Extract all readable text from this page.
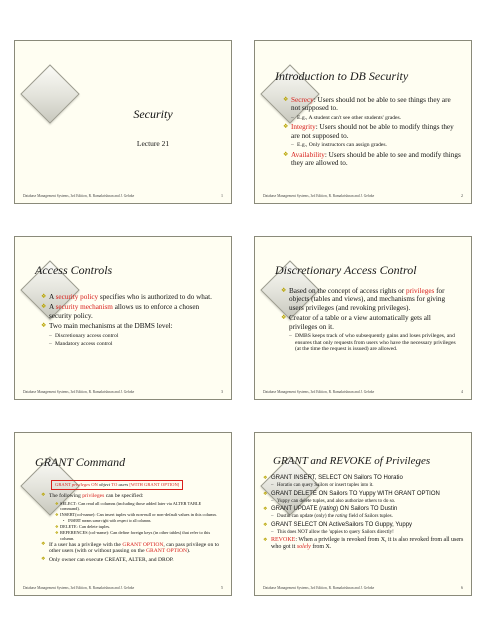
Security
Lecture 21
Database Management Systems, 3rd Edition, R. Ramakrishnan and J. Gehrke	1
Introduction to DB Security
❖ Secrecy: Users should not be able to see things they are not supposed to.
– E.g., A student can't see other students' grades.
❖ Integrity: Users should not be able to modify things they are not supposed to.
– E.g., Only instructors can assign grades.
❖ Availability: Users should be able to see and modify things they are allowed to.
Database Management Systems, 3rd Edition, R. Ramakrishnan and J. Gehrke	2
Access Controls
❖ A security policy specifies who is authorized to do what.
❖ A security mechanism allows us to enforce a chosen security policy.
❖ Two main mechanisms at the DBMS level:
– Discretionary access control
– Mandatory access control
Database Management Systems, 3rd Edition, R. Ramakrishnan and J. Gehrke	3
Discretionary Access Control
❖ Based on the concept of access rights or privileges for objects (tables and views), and mechanisms for giving users privileges (and revoking privileges).
❖ Creator of a table or a view automatically gets all privileges on it.
– DMBS keeps track of who subsequently gains and loses privileges, and ensures that only requests from users who have the necessary privileges (at the time the request is issued) are allowed.
Database Management Systems, 3rd Edition, R. Ramakrishnan and J. Gehrke	4
GRANT Command
GRANT privileges ON object TO users [WITH GRANT OPTION]
❖ The following privileges can be specified:
❖ SELECT: Can read all columns (including those added later via ALTER TABLE command).
❖ INSERT(col-name): Can insert tuples with non-null or non-default values in this column.
• INSERT means same right with respect to all columns.
❖ DELETE: Can delete tuples.
❖ REFERENCES (col-name): Can define foreign keys (in other tables) that refer to this column.
❖ If a user has a privilege with the GRANT OPTION, can pass privilege on to other users (with or without passing on the GRANT OPTION).
❖ Only owner can execute CREATE, ALTER, and DROP.
Database Management Systems, 3rd Edition, R. Ramakrishnan and J. Gehrke	5
GRANT and REVOKE of Privileges
❖ GRANT INSERT, SELECT ON Sailors TO Horatio
– Horatio can query Sailors or insert tuples into it.
❖ GRANT DELETE ON Sailors TO Yuppy WITH GRANT OPTION
– Yuppy can delete tuples, and also authorize others to do so.
❖ GRANT UPDATE (rating) ON Sailors TO Dustin
– Dustin can update (only) the rating field of Sailors tuples.
❖ GRANT SELECT ON ActiveSailors TO Guppy, Yuppy
– This does NOT allow the 'uppies to query Sailors directly!
❖ REVOKE: When a privilege is revoked from X, it is also revoked from all users who got it solely from X.
Database Management Systems, 3rd Edition, R. Ramakrishnan and J. Gehrke	6
